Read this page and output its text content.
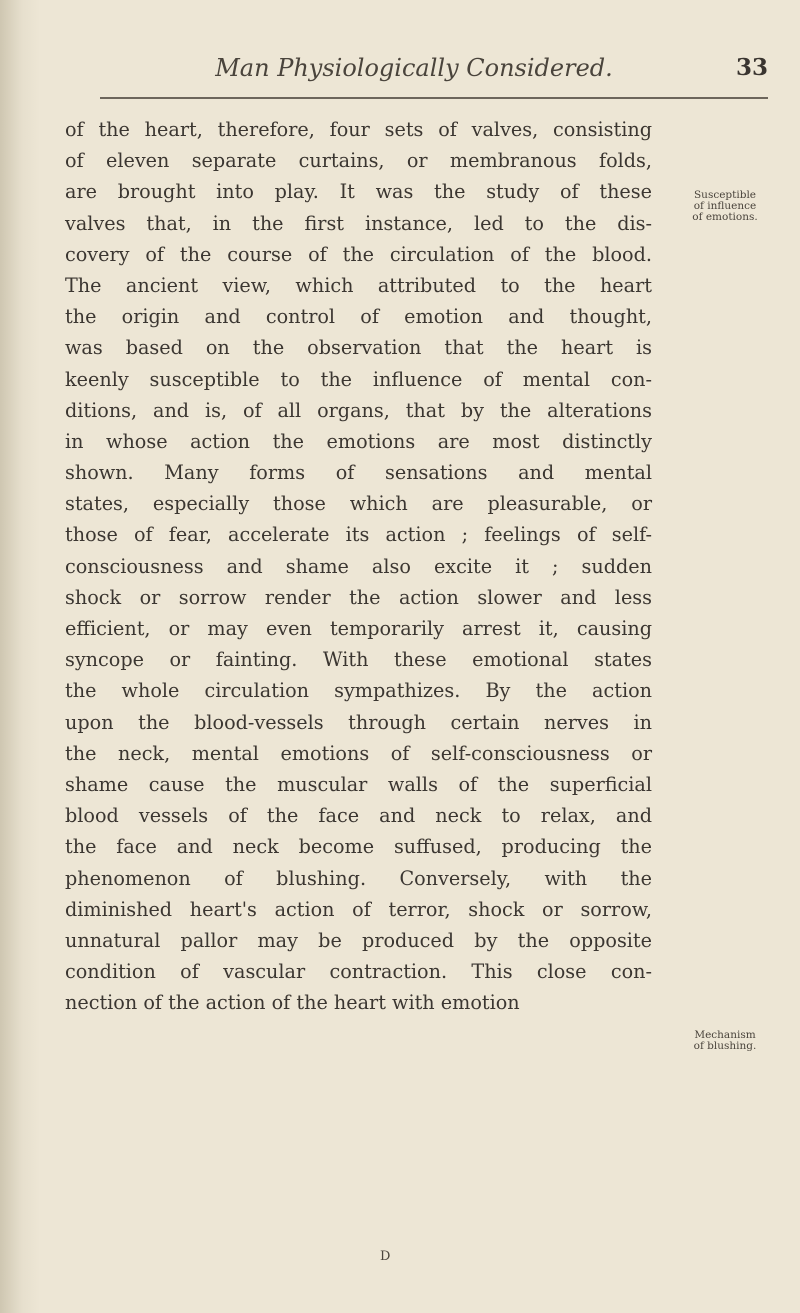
Man Physiologically Considered.	33
of the heart, therefore, four sets of valves, consisting
of eleven separate curtains, or membranous folds,
are brought into play. It was the study of these
valves that, in the first instance, led to the dis-
covery of the course of the circulation of the blood.
The ancient view, which attributed to the heart
the origin and control of emotion and thought,
was based on the observation that the heart is
keenly susceptible to the influence of mental con-
ditions, and is, of all organs, that by the alterations
in whose action the emotions are most distinctly
shown. Many forms of sensations and mental
states, especially those which are pleasurable, or
those of fear, accelerate its action ; feelings of self-
consciousness and shame also excite it ; sudden
shock or sorrow render the action slower and less
efficient, or may even temporarily arrest it, causing
syncope or fainting. With these emotional states
the whole circulation sympathizes. By the action
upon the blood-vessels through certain nerves in
the neck, mental emotions of self-consciousness or
shame cause the muscular walls of the superficial
blood vessels of the face and neck to relax, and
the face and neck become suffused, producing the
phenomenon of blushing. Conversely, with the
diminished heart's action of terror, shock or sorrow,
unnatural pallor may be produced by the opposite
condition of vascular contraction. This close con-
nection of the action of the heart with emotion
Susceptible
of influence
of emotions.
Mechanism
of blushing.
D
